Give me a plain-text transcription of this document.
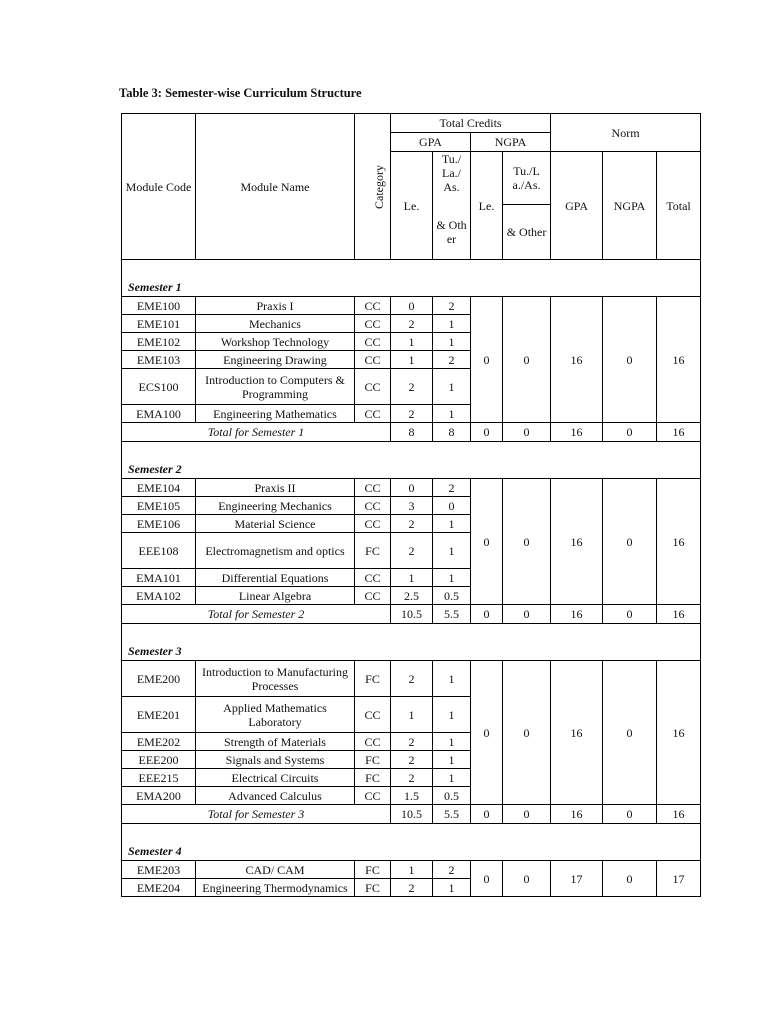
Table 3: Semester-wise Curriculum Structure
Module Code	Module Name	Category	Total Credits				Norm		
			GPA		NGPA				
			Le.	Tu./ La./ As.	Le.	Tu./L a./As.	GPA	NGPA	Total
				& Oth er		& Other			
Semester 1									
EME100	Praxis I	CC	0	2	0	0	16	0	16
EME101	Mechanics	CC	2	1					
EME102	Workshop Technology	CC	1	1					
EME103	Engineering Drawing	CC	1	2					
ECS100	Introduction to Computers & Programming	CC	2	1					
EMA100	Engineering Mathematics	CC	2	1					
Total for Semester 1			8	8	0	0	16	0	16
Semester 2									
EME104	Praxis II	CC	0	2	0	0	16	0	16
EME105	Engineering Mechanics	CC	3	0					
EME106	Material Science	CC	2	1					
EEE108	Electromagnetism and optics	FC	2	1					
EMA101	Differential Equations	CC	1	1					
EMA102	Linear Algebra	CC	2.5	0.5					
Total for Semester 2			10.5	5.5	0	0	16	0	16
Semester 3									
EME200	Introduction to Manufacturing Processes	FC	2	1	0	0	16	0	16
EME201	Applied Mathematics Laboratory	CC	1	1					
EME202	Strength of Materials	CC	2	1					
EEE200	Signals and Systems	FC	2	1					
EEE215	Electrical Circuits	FC	2	1					
EMA200	Advanced Calculus	CC	1.5	0.5					
Total for Semester 3			10.5	5.5	0	0	16	0	16
Semester 4									
EME203	CAD/ CAM	FC	1	2	0	0	17	0	17
EME204	Engineering Thermodynamics	FC	2	1					
